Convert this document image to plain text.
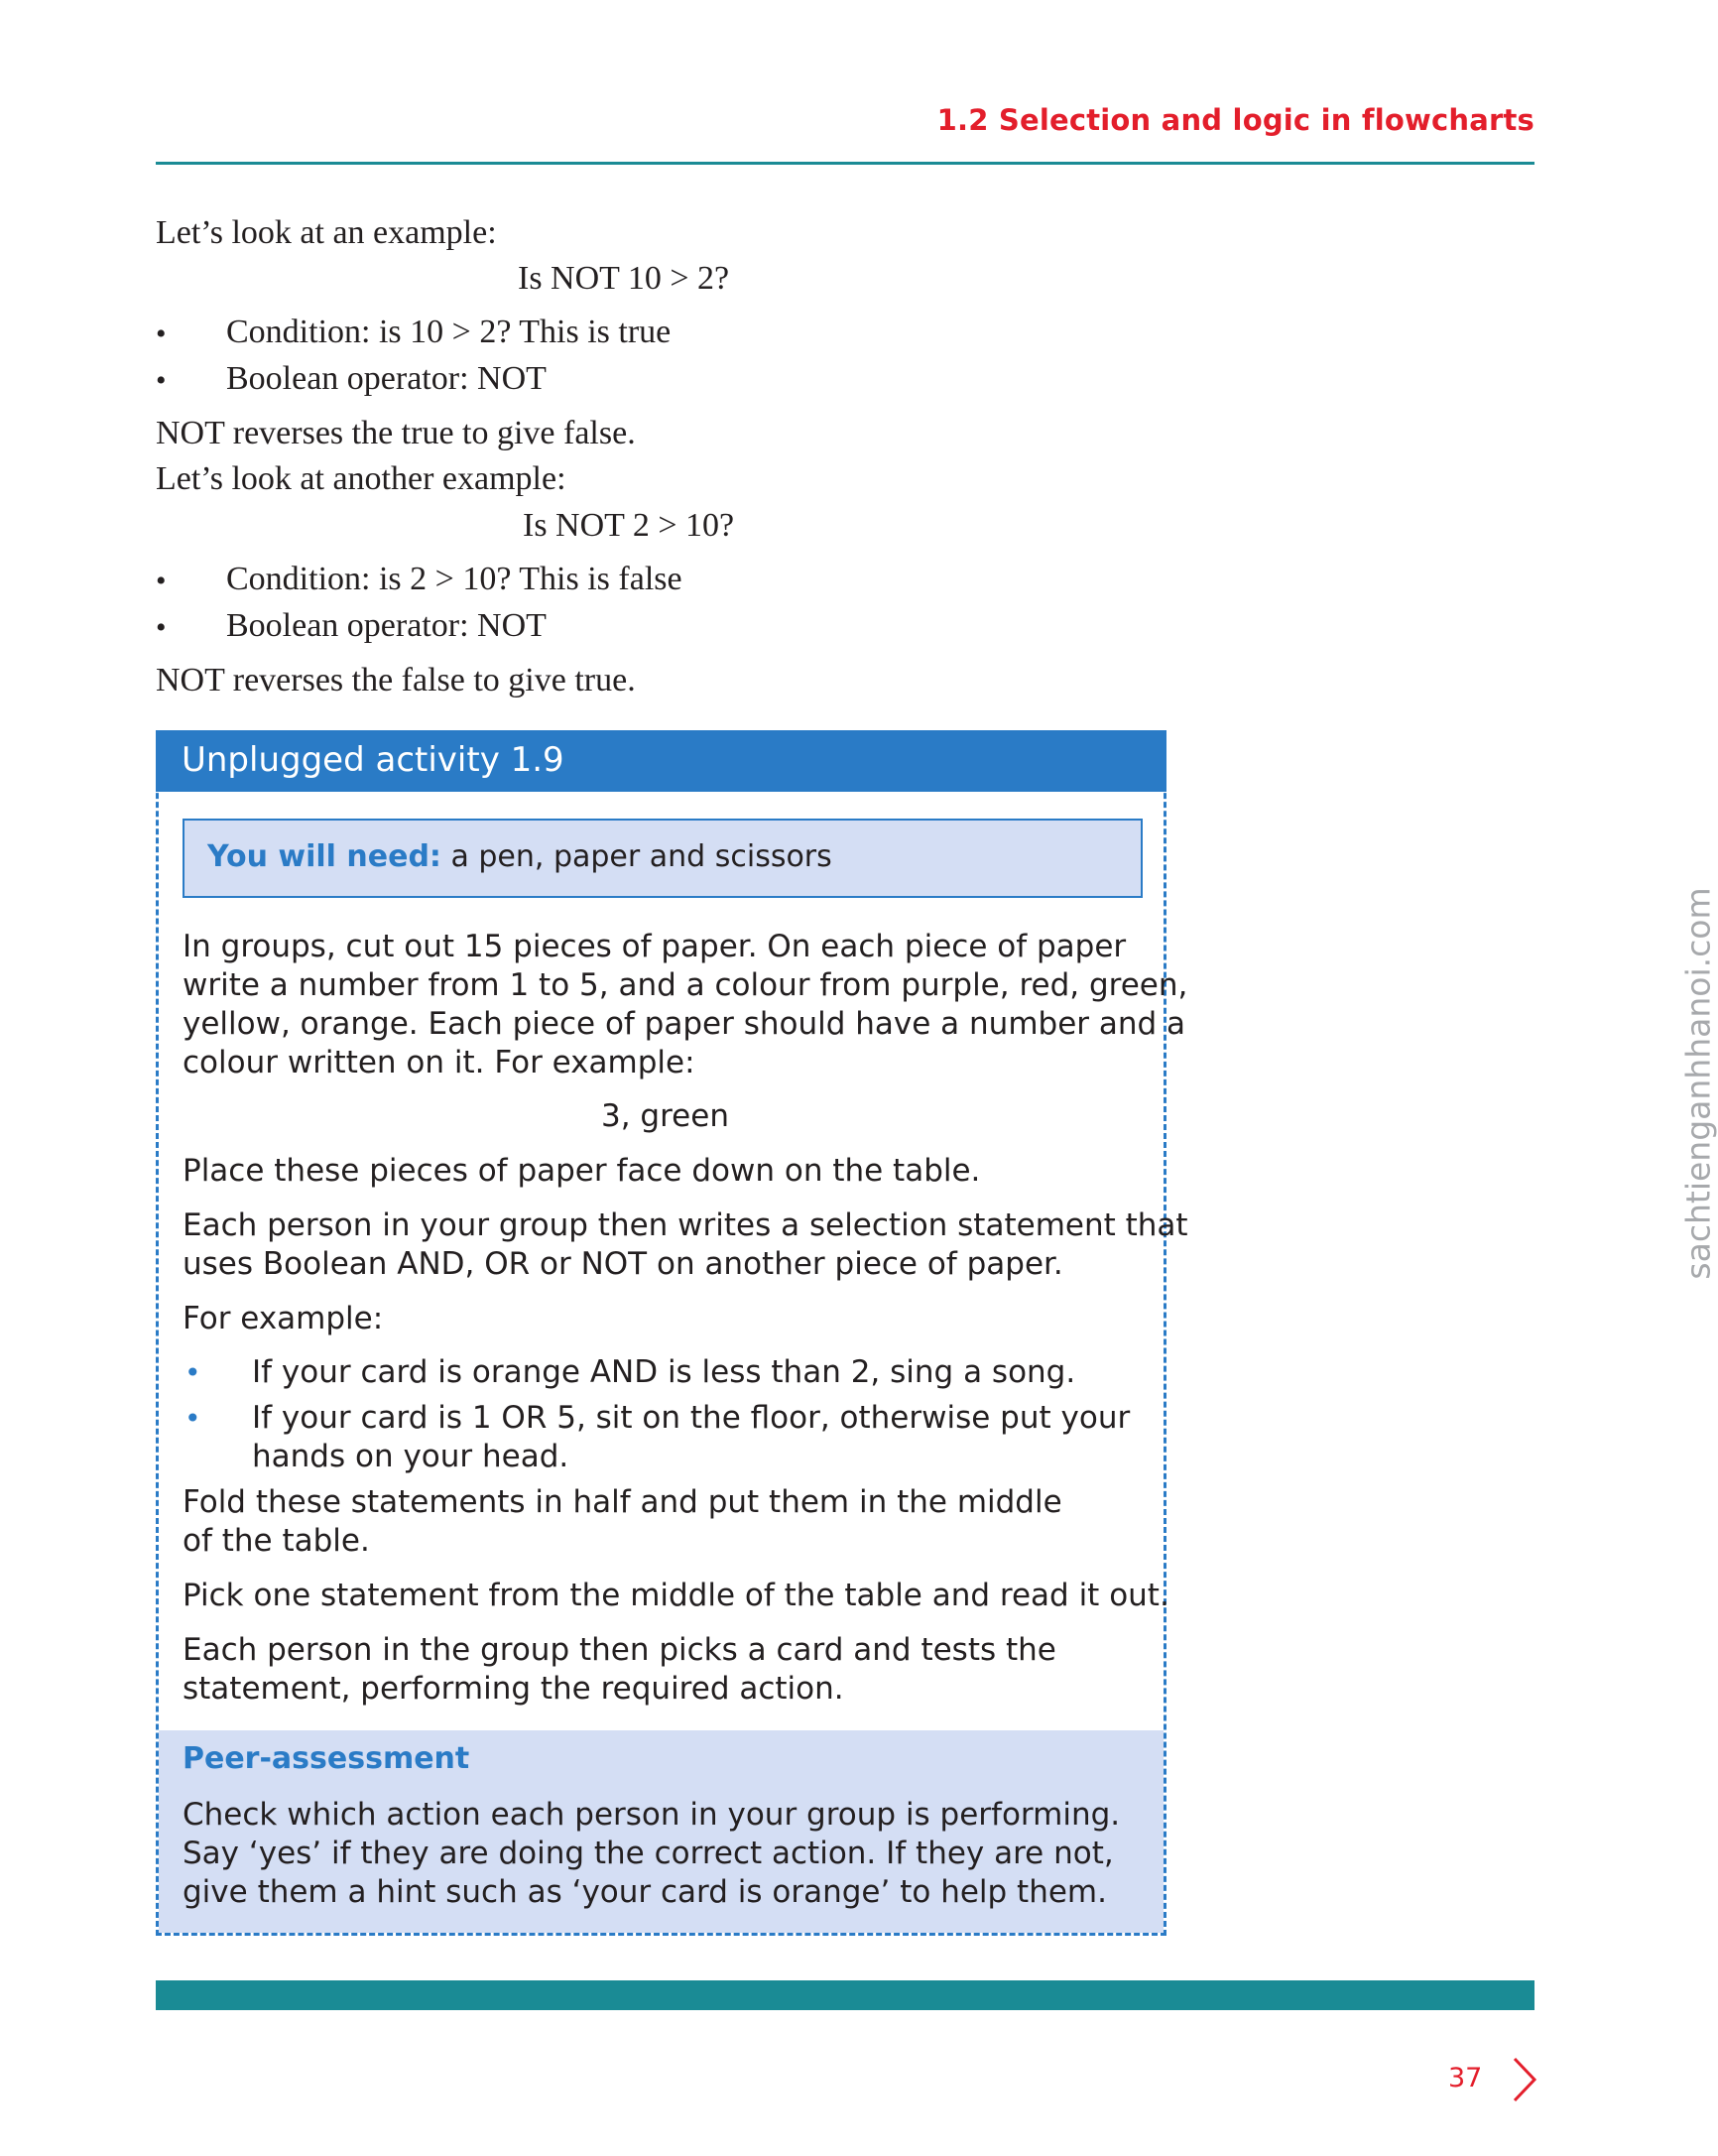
1.2 Selection and logic in flowcharts
Let’s look at an example:
Is NOT 10 > 2?
• Condition: is 10 > 2? This is true
• Boolean operator: NOT
NOT reverses the true to give false.
Let’s look at another example:
Is NOT 2 > 10?
• Condition: is 2 > 10? This is false
• Boolean operator: NOT
NOT reverses the false to give true.
Unplugged activity 1.9
You will need: a pen, paper and scissors
In groups, cut out 15 pieces of paper. On each piece of paper
write a number from 1 to 5, and a colour from purple, red, green,
yellow, orange. Each piece of paper should have a number and a
colour written on it. For example:
3, green
Place these pieces of paper face down on the table.
Each person in your group then writes a selection statement that
uses Boolean AND, OR or NOT on another piece of paper.
For example:
• If your card is orange AND is less than 2, sing a song.
• If your card is 1 OR 5, sit on the floor, otherwise put your
hands on your head.
Fold these statements in half and put them in the middle
of the table.
Pick one statement from the middle of the table and read it out.
Each person in the group then picks a card and tests the
statement, performing the required action.
Peer-assessment
Check which action each person in your group is performing.
Say ‘yes’ if they are doing the correct action. If they are not,
give them a hint such as ‘your card is orange’ to help them.
37
sachtienganhhanoi.com
